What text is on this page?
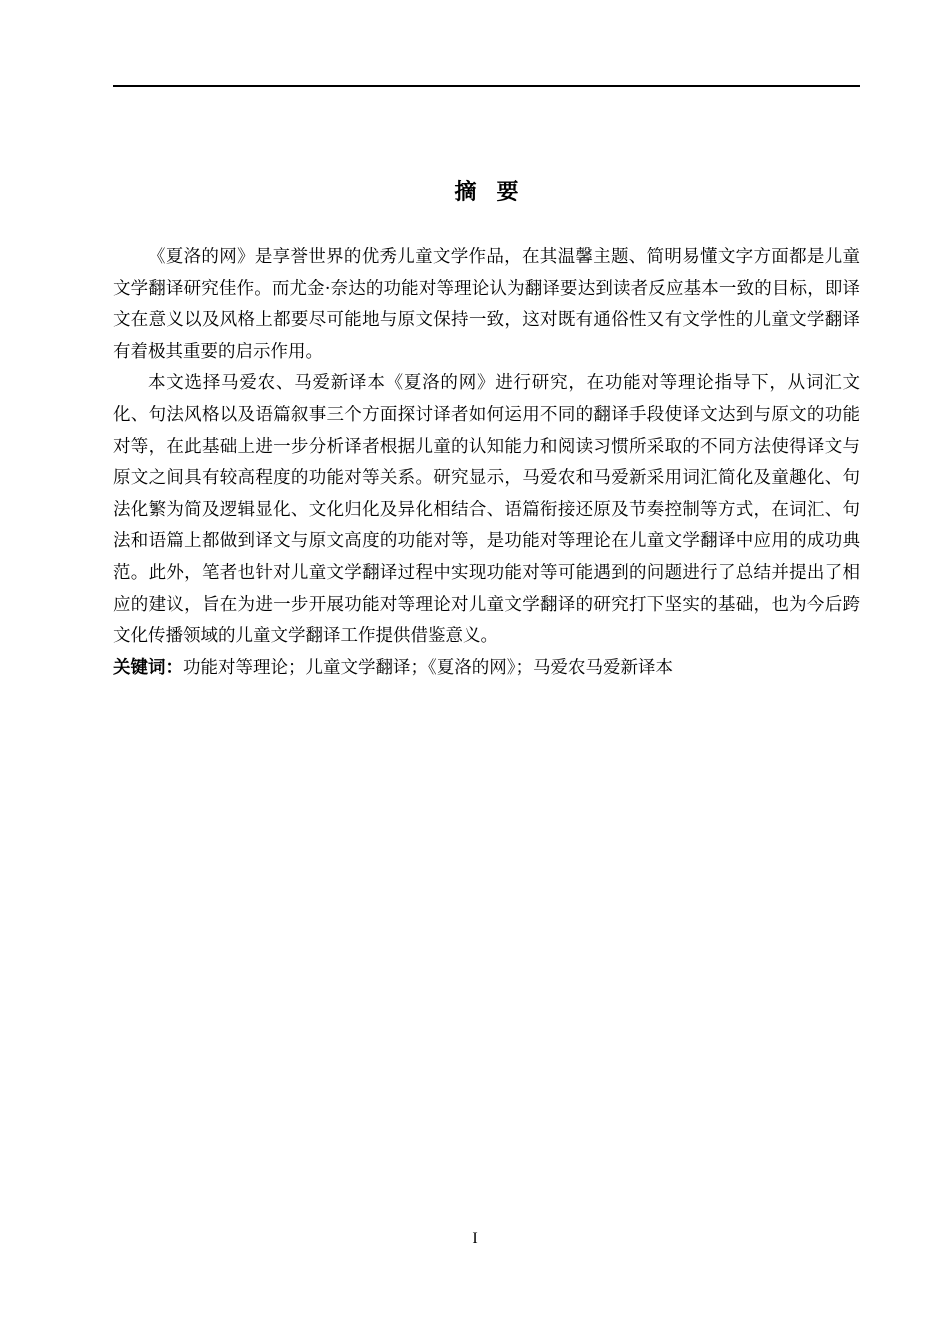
摘要

《夏洛的网》是享誉世界的优秀儿童文学作品，在其温馨主题、简明易懂文字方面都是儿童文学翻译研究佳作。而尤金·奈达的功能对等理论认为翻译要达到读者反应基本一致的目标，即译文在意义以及风格上都要尽可能地与原文保持一致，这对既有通俗性又有文学性的儿童文学翻译有着极其重要的启示作用。

本文选择马爱农、马爱新译本《夏洛的网》进行研究，在功能对等理论指导下，从词汇文化、句法风格以及语篇叙事三个方面探讨译者如何运用不同的翻译手段使译文达到与原文的功能对等，在此基础上进一步分析译者根据儿童的认知能力和阅读习惯所采取的不同方法使得译文与原文之间具有较高程度的功能对等关系。研究显示，马爱农和马爱新采用词汇简化及童趣化、句法化繁为简及逻辑显化、文化归化及异化相结合、语篇衔接还原及节奏控制等方式，在词汇、句法和语篇上都做到译文与原文高度的功能对等，是功能对等理论在儿童文学翻译中应用的成功典范。此外，笔者也针对儿童文学翻译过程中实现功能对等可能遇到的问题进行了总结并提出了相应的建议，旨在为进一步开展功能对等理论对儿童文学翻译的研究打下坚实的基础，也为今后跨文化传播领域的儿童文学翻译工作提供借鉴意义。

关键词：功能对等理论；儿童文学翻译；《夏洛的网》；马爱农马爱新译本

I
